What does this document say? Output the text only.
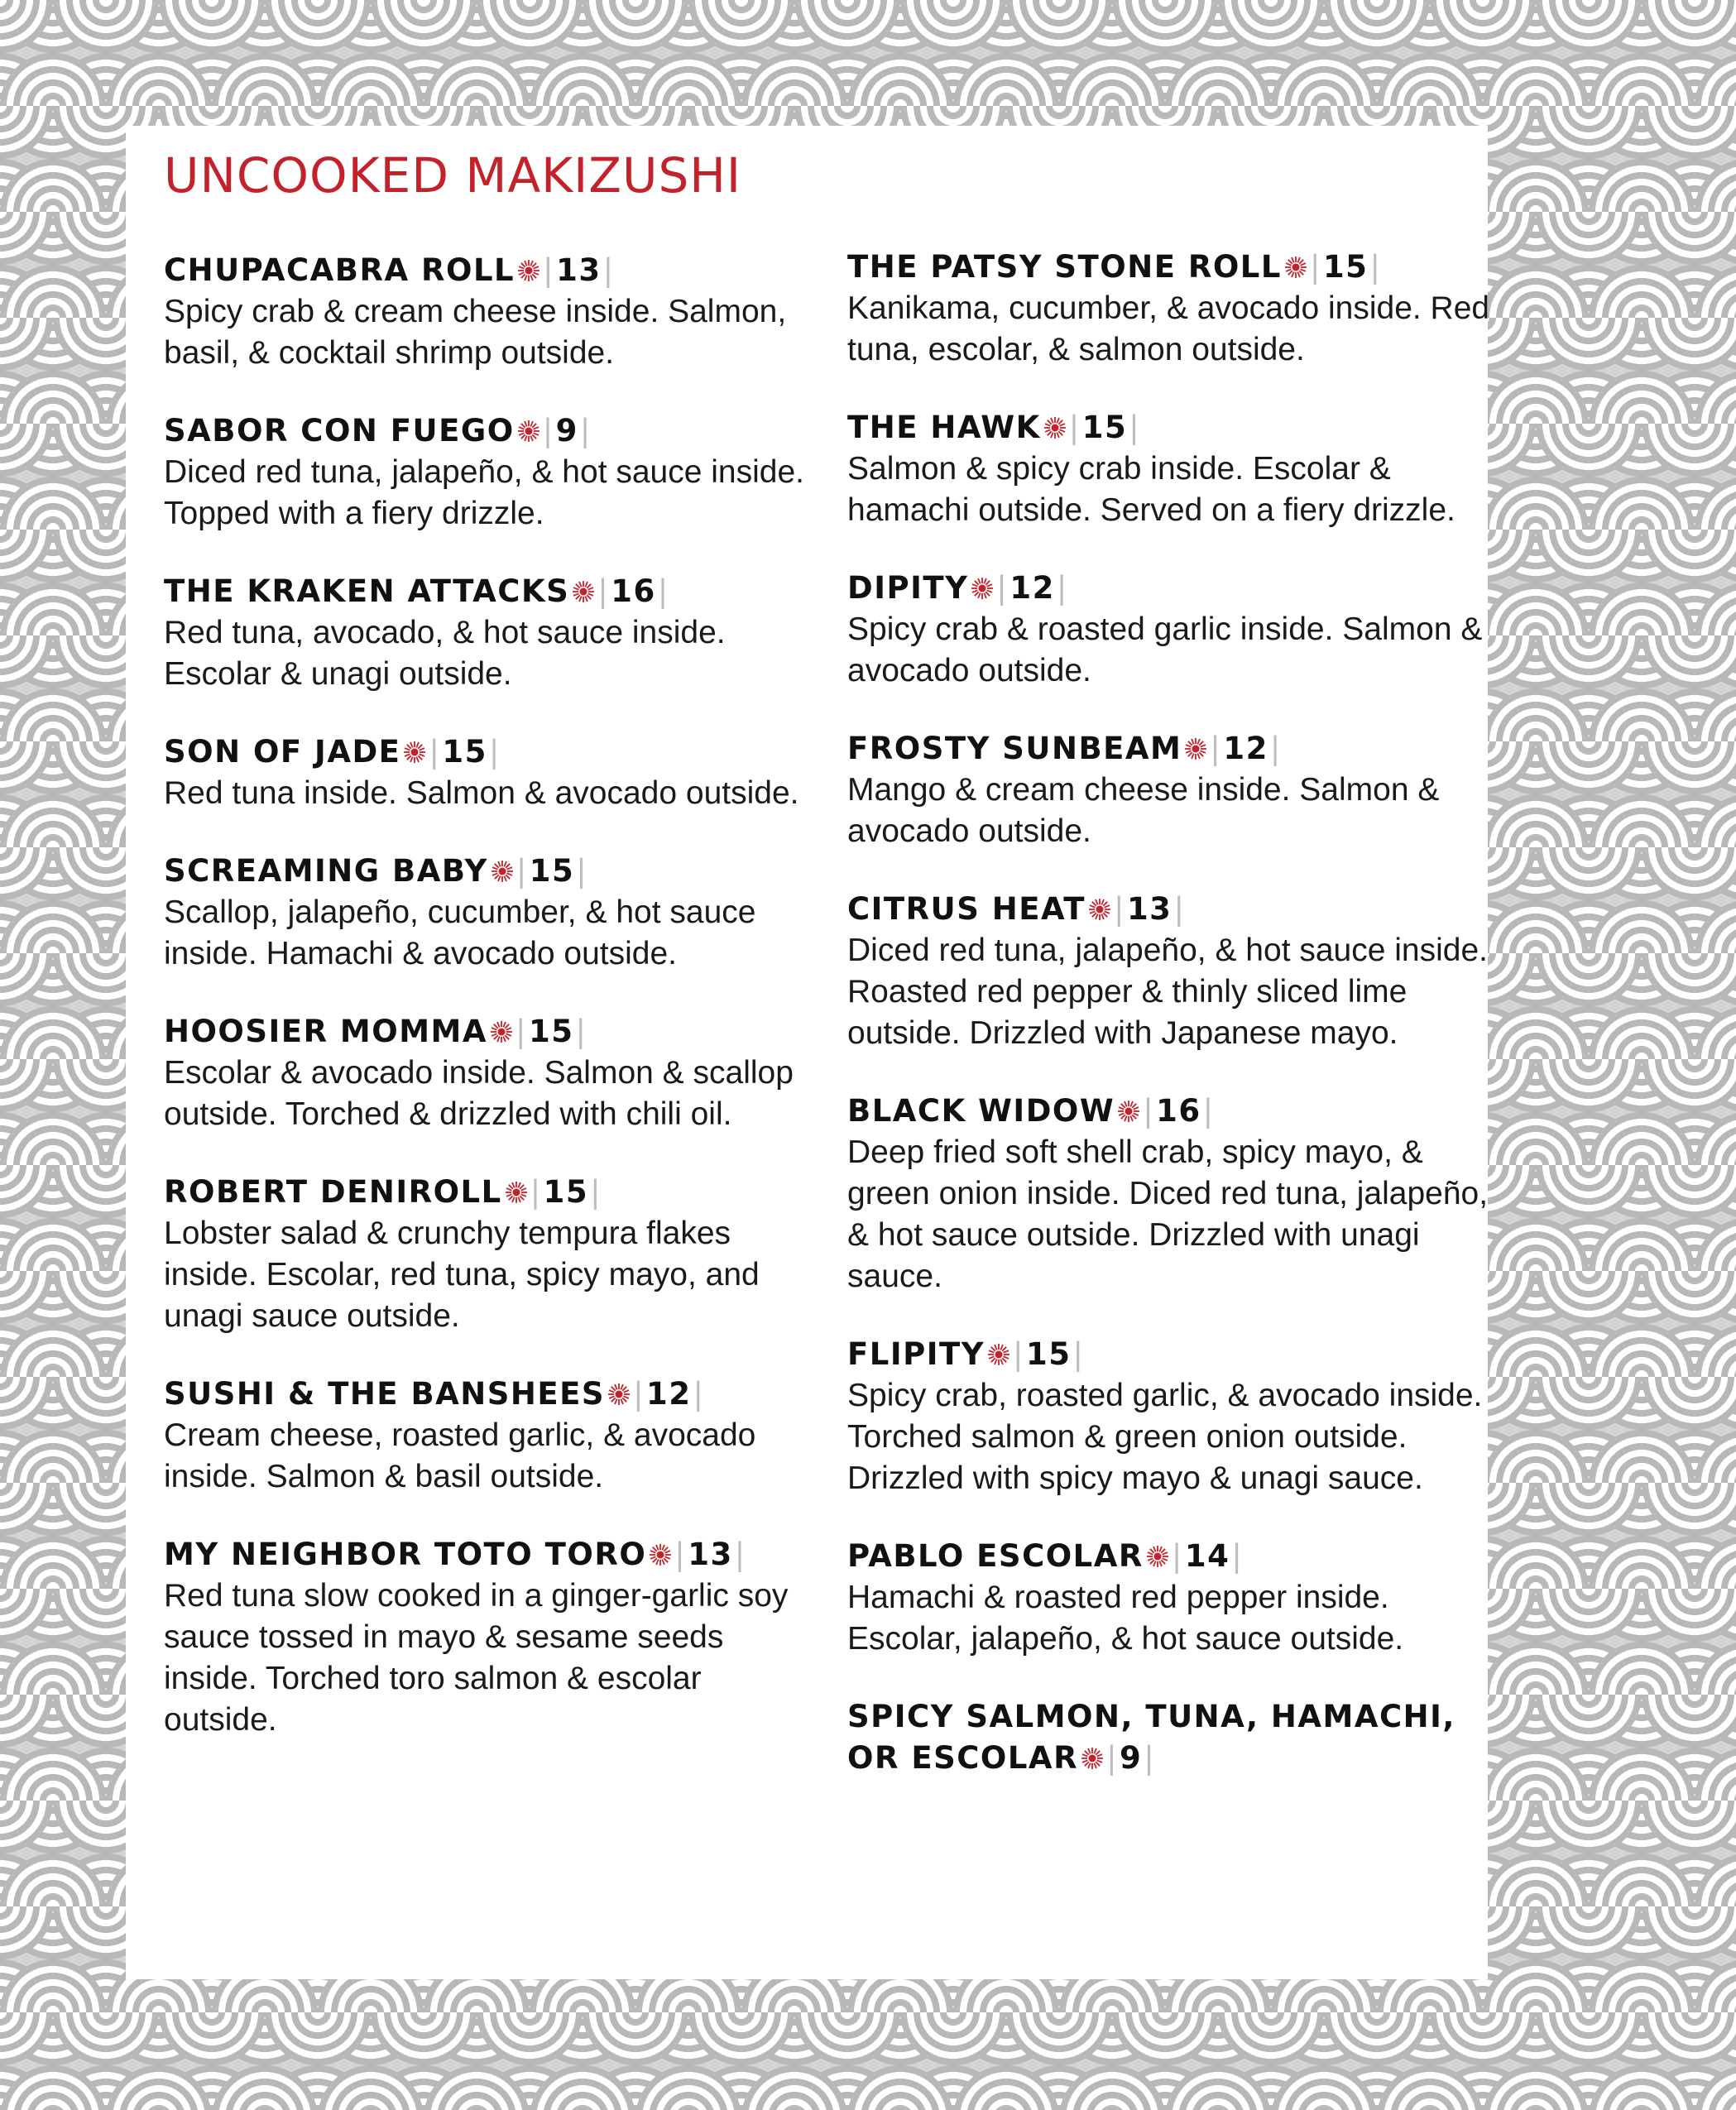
UNCOOKED MAKIZUSHI
CHUPACABRA ROLL |13|

Spicy crab & cream cheese inside. Salmon, basil, & cocktail shrimp outside.

SABOR CON FUEGO |9|

Diced red tuna, jalapeño, & hot sauce inside. Topped with a fiery drizzle.

THE KRAKEN ATTACKS |16|

Red tuna, avocado, & hot sauce inside. Escolar & unagi outside.

SON OF JADE |15|

Red tuna inside. Salmon & avocado outside.

SCREAMING BABY |15|

Scallop, jalapeño, cucumber, & hot sauce inside. Hamachi & avocado outside.

HOOSIER MOMMA |15|

Escolar & avocado inside. Salmon & scallop outside. Torched & drizzled with chili oil.

ROBERT DENIROLL |15|

Lobster salad & crunchy tempura flakes inside. Escolar, red tuna, spicy mayo, and unagi sauce outside.

SUSHI & THE BANSHEES |12|

Cream cheese, roasted garlic, & avocado inside. Salmon & basil outside.

MY NEIGHBOR TOTO TORO |13|

Red tuna slow cooked in a ginger-garlic soy sauce tossed in mayo & sesame seeds inside. Torched toro salmon & escolar outside.

THE PATSY STONE ROLL |15|

Kanikama, cucumber, & avocado inside. Red tuna, escolar, & salmon outside.

THE HAWK |15|

Salmon & spicy crab inside. Escolar & hamachi outside. Served on a fiery drizzle.

DIPITY |12|

Spicy crab & roasted garlic inside. Salmon & avocado outside.

FROSTY SUNBEAM |12|

Mango & cream cheese inside. Salmon & avocado outside.

CITRUS HEAT |13|

Diced red tuna, jalapeño, & hot sauce inside. Roasted red pepper & thinly sliced lime outside. Drizzled with Japanese mayo.

BLACK WIDOW |16|

Deep fried soft shell crab, spicy mayo, & green onion inside. Diced red tuna, jalapeño, & hot sauce outside. Drizzled with unagi sauce.

FLIPITY |15|

Spicy crab, roasted garlic, & avocado inside. Torched salmon & green onion outside. Drizzled with spicy mayo & unagi sauce.

PABLO ESCOLAR |14|

Hamachi & roasted red pepper inside. Escolar, jalapeño, & hot sauce outside.

SPICY SALMON, TUNA, HAMACHI, OR ESCOLAR |9|
